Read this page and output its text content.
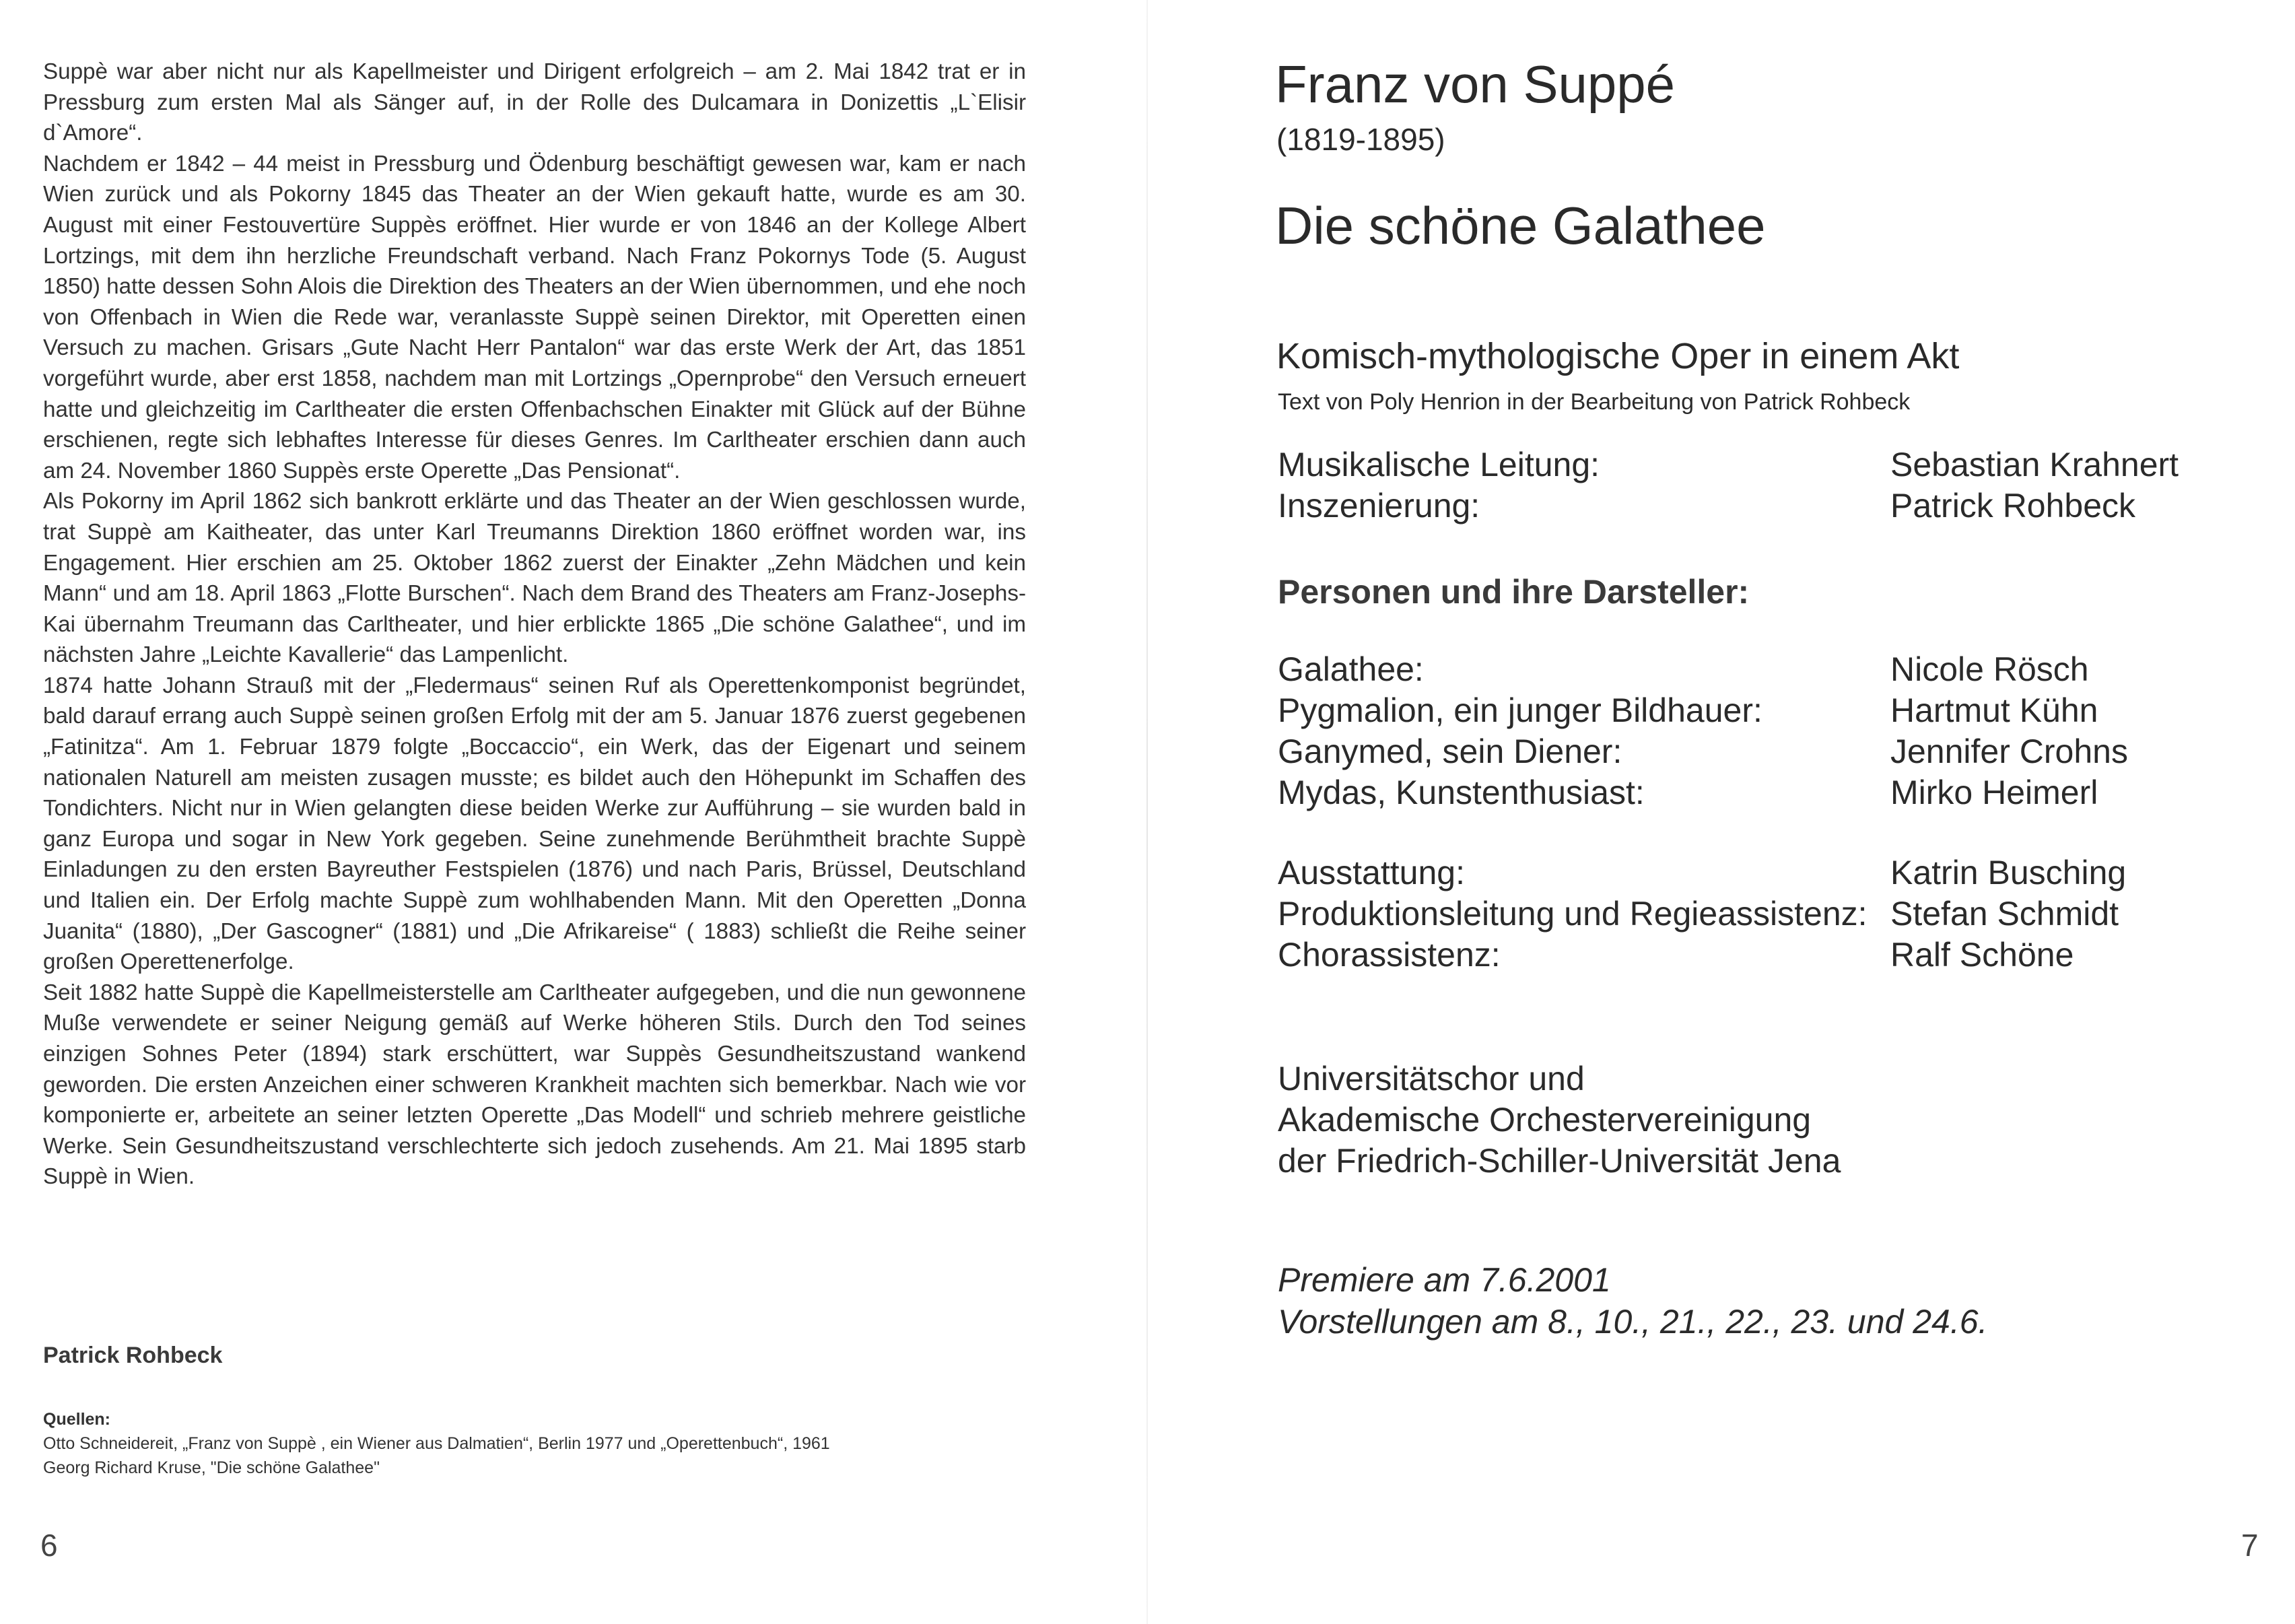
Suppè war aber nicht nur als Kapellmeister und Dirigent erfolgreich – am 2. Mai 1842 trat er in Pressburg zum ersten Mal als Sänger auf, in der Rolle des Dulcamara in Donizettis „L`Elisir d`Amore“.

Nachdem er 1842 – 44 meist in Pressburg und Ödenburg beschäftigt gewesen war, kam er nach Wien zurück und als Pokorny 1845 das Theater an der Wien gekauft hatte, wurde es am 30. August mit einer Festouvertüre Suppès eröffnet. Hier wurde er von 1846 an der Kollege Albert Lortzings, mit dem ihn herzliche Freundschaft verband. Nach Franz Pokornys Tode (5. August 1850) hatte dessen Sohn Alois die Direktion des Theaters an der Wien übernommen, und ehe noch von Offenbach in Wien die Rede war, veranlasste Suppè seinen Direktor, mit Operetten einen Versuch zu machen. Grisars „Gute Nacht Herr Pantalon“ war das erste Werk der Art, das 1851 vorgeführt wurde, aber erst 1858, nachdem man mit Lortzings „Opernprobe“ den Versuch erneuert hatte und gleichzeitig im Carltheater die ersten Offenbachschen Einakter mit Glück auf der Bühne erschienen, regte sich lebhaftes Interesse für dieses Genres. Im Carltheater erschien dann auch am 24. November 1860 Suppès erste Operette „Das Pensionat“.

Als Pokorny im April 1862 sich bankrott erklärte und das Theater an der Wien geschlossen wurde, trat Suppè am Kaitheater, das unter Karl Treumanns Direktion 1860 eröffnet worden war, ins Engagement. Hier erschien am 25. Oktober 1862 zuerst der Einakter „Zehn Mädchen und kein Mann“ und am 18. April 1863 „Flotte Burschen“. Nach dem Brand des Theaters am Franz-Josephs-Kai übernahm Treumann das Carltheater, und hier erblickte 1865 „Die schöne Galathee“, und im nächsten Jahre „Leichte Kavallerie“ das Lampenlicht.

1874 hatte Johann Strauß mit der „Fledermaus“ seinen Ruf als Operettenkomponist begründet, bald darauf errang auch Suppè seinen großen Erfolg mit der am 5. Januar 1876 zuerst gegebenen „Fatinitza“. Am 1. Februar 1879 folgte „Boccaccio“, ein Werk, das der Eigenart und seinem nationalen Naturell am meisten zusagen musste; es bildet auch den Höhepunkt im Schaffen des Tondichters. Nicht nur in Wien gelangten diese beiden Werke zur Aufführung – sie wurden bald in ganz Europa und sogar in New York gegeben. Seine zunehmende Berühmtheit brachte Suppè Einladungen zu den ersten Bayreuther Festspielen (1876) und nach Paris, Brüssel, Deutschland und Italien ein. Der Erfolg machte Suppè zum wohlhabenden Mann. Mit den Operetten „Donna Juanita“ (1880), „Der Gascogner“ (1881) und „Die Afrikareise“ ( 1883) schließt die Reihe seiner großen Operettenerfolge.

Seit 1882 hatte Suppè die Kapellmeisterstelle am Carltheater aufgegeben, und die nun gewonnene Muße verwendete er seiner Neigung gemäß auf Werke höheren Stils. Durch den Tod seines einzigen Sohnes Peter (1894) stark erschüttert, war Suppès Gesundheitszustand wankend geworden. Die ersten Anzeichen einer schweren Krankheit machten sich bemerkbar. Nach wie vor komponierte er, arbeitete an seiner letzten Operette „Das Modell“ und schrieb mehrere geistliche Werke. Sein Gesundheitszustand verschlechterte sich jedoch zusehends. Am 21. Mai 1895 starb Suppè in Wien.

Patrick Rohbeck

Quellen:

Otto Schneidereit, „Franz von Suppè , ein Wiener aus Dalmatien“, Berlin 1977 und „Operettenbuch“, 1961

Georg Richard Kruse, "Die schöne Galathee"

6
Franz von Suppé
(1819-1895)
Die schöne Galathee
Komisch-mythologische Oper in einem Akt
Text von Poly Henrion in der Bearbeitung von Patrick Rohbeck
Musikalische Leitung:	Sebastian Krahnert
Inszenierung:	Patrick Rohbeck
Personen und ihre Darsteller:
Galathee:	Nicole Rösch
Pygmalion, ein junger Bildhauer:	Hartmut Kühn
Ganymed, sein Diener:	Jennifer Crohns
Mydas, Kunstenthusiast:	Mirko Heimerl
Ausstattung:	Katrin Busching
Produktionsleitung und Regieassistenz: Stefan Schmidt
Chorassistenz:	Ralf Schöne

Universitätschor und

Akademische Orchestervereinigung

der Friedrich-Schiller-Universität Jena

Premiere am 7.6.2001

Vorstellungen am 8., 10., 21., 22., 23. und 24.6.

7
